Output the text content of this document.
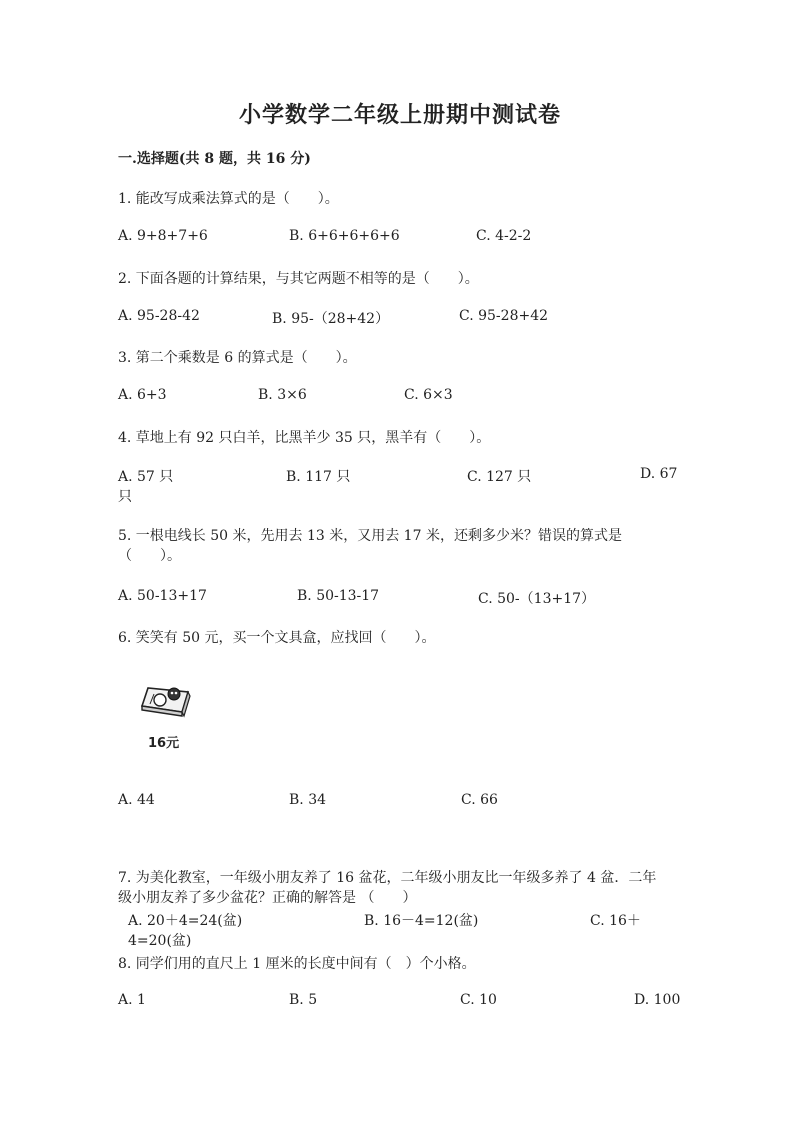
小学数学二年级上册期中测试卷
一.选择题(共 8 题，共 16 分)
1. 能改写成乘法算式的是（　　）。
A. 9+8+7+6	B. 6+6+6+6+6	C. 4-2-2
2. 下面各题的计算结果，与其它两题不相等的是（　　）。
A. 95-28-42	B. 95-（28+42）	C. 95-28+42
3. 第二个乘数是 6 的算式是（　　）。
A. 6+3	B. 3×6	C. 6×3
4. 草地上有 92 只白羊，比黑羊少 35 只，黑羊有（　　）。
A. 57 只	B. 117 只	C. 127 只	D. 67
只
5. 一根电线长 50 米，先用去 13 米，又用去 17 米，还剩多少米？错误的算式是（　　）。
A. 50-13+17	B. 50-13-17	C. 50-（13+17）
6. 笑笑有 50 元，买一个文具盒，应找回（　　）。
16元
A. 44	B. 34	C. 66
7. 为美化教室，一年级小朋友养了 16 盆花，二年级小朋友比一年级多养了 4 盆．二年级小朋友养了多少盆花？正确的解答是 （　　）
A. 20＋4=24(盆)	B. 16－4=12(盆)	C. 16＋
4=20(盆)
8. 同学们用的直尺上 1 厘米的长度中间有（　）个小格。
A. 1	B. 5	C. 10	D. 100
